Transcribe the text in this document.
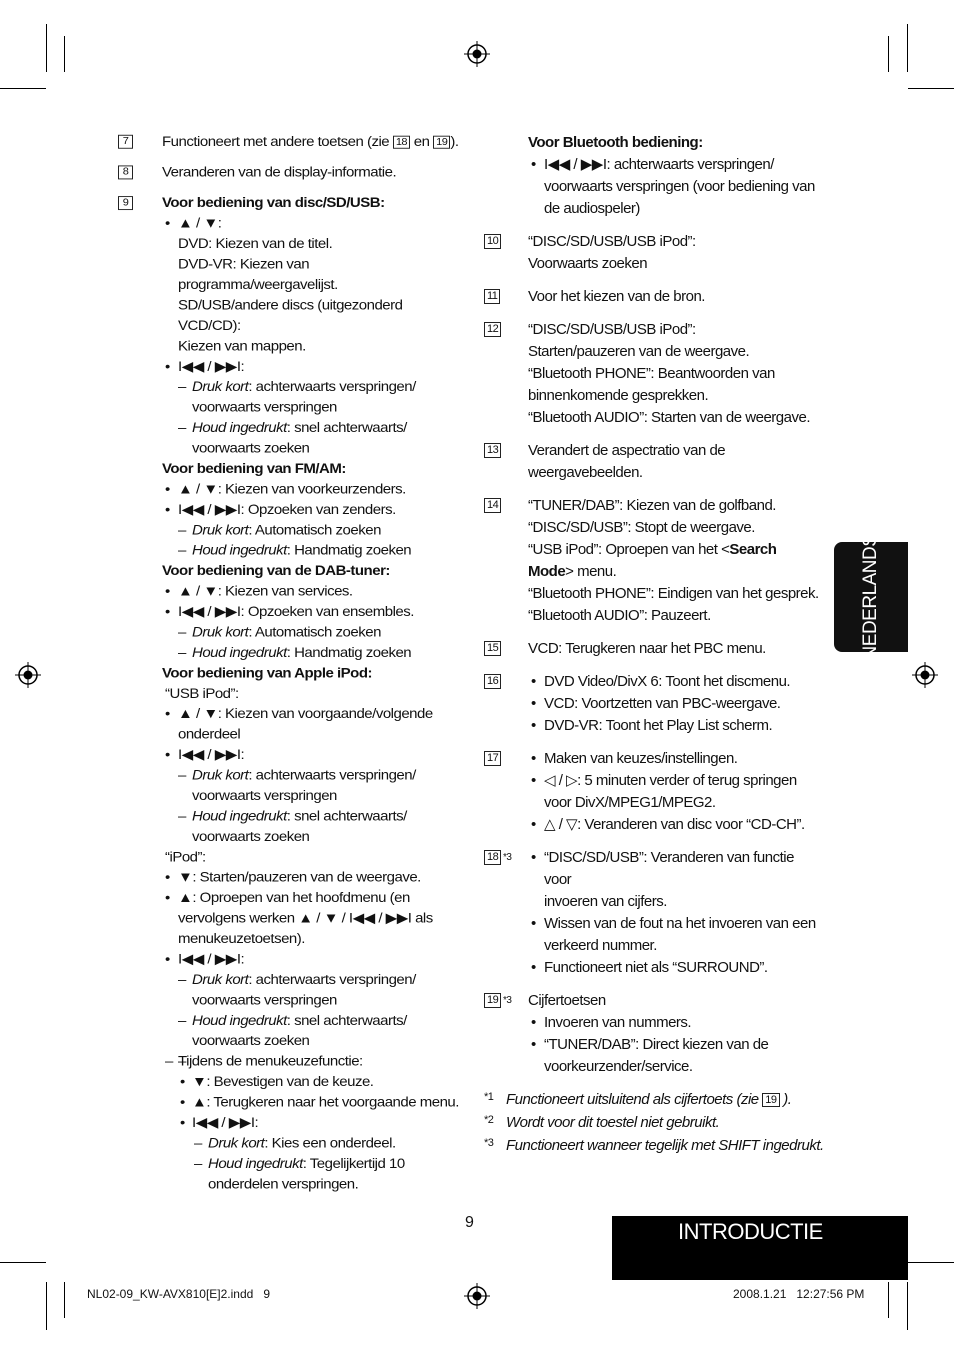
7	Functioneert met andere toetsen (zie 18 en 19 ).
8	Veranderen van de display-informatie.
9	Voor bediening van disc/SD/USB:
• ▲ / ▼:
DVD: Kiezen van de titel.
DVD-VR: Kiezen van programma/weergavelijst.
SD/USB/andere discs (uitgezonderd VCD/CD):
Kiezen van mappen.
• I◀◀ / ▶▶I:
– Druk kort: achterwaarts verspringen/
voorwaarts verspringen
– Houd ingedrukt: snel achterwaarts/
voorwaarts zoeken
Voor bediening van FM/AM:
• ▲ / ▼: Kiezen van voorkeurzenders.
• I◀◀ / ▶▶I: Opzoeken van zenders.
– Druk kort: Automatisch zoeken
– Houd ingedrukt: Handmatig zoeken
Voor bediening van de DAB-tuner:
• ▲ / ▼: Kiezen van services.
• I◀◀ / ▶▶I: Opzoeken van ensembles.
– Druk kort: Automatisch zoeken
– Houd ingedrukt: Handmatig zoeken
Voor bediening van Apple iPod:
“USB iPod”:
• ▲ / ▼: Kiezen van voorgaande/volgende
onderdeel
• I◀◀ / ▶▶I:
– Druk kort: achterwaarts verspringen/
voorwaarts verspringen
– Houd ingedrukt: snel achterwaarts/
voorwaarts zoeken
“iPod”:
• ▼: Starten/pauzeren van de weergave.
• ▲: Oproepen van het hoofdmenu (en
vervolgens werken ▲ / ▼ / I◀◀ / ▶▶I als
menukeuzetoetsen).
• I◀◀ / ▶▶I:
– Druk kort: achterwaarts verspringen/
voorwaarts verspringen
– Houd ingedrukt: snel achterwaarts/
voorwaarts zoeken
– – Tijdens de menukeuzefunctie:
• ▼: Bevestigen van de keuze.
• ▲: Terugkeren naar het voorgaande menu.
• I◀◀ / ▶▶I:
– Druk kort: Kies een onderdeel.
– Houd ingedrukt: Tegelijkertijd 10
onderdelen verspringen.
Voor Bluetooth bediening:
• I◀◀ / ▶▶I: achterwaarts verspringen/
voorwaarts verspringen (voor bediening van
de audiospeler)
10 “DISC/SD/USB/USB iPod”:
Voorwaarts zoeken
11 Voor het kiezen van de bron.
12 “DISC/SD/USB/USB iPod”:
Starten/pauzeren van de weergave.
“Bluetooth PHONE”: Beantwoorden van
binnenkomende gesprekken.
“Bluetooth AUDIO”: Starten van de weergave.
13 Verandert de aspectratio van de
weergavebeelden.
14 “TUNER/DAB”: Kiezen van de golfband.
“DISC/SD/USB”: Stopt de weergave.
“USB iPod”: Oproepen van het <Search
Mode> menu.
“Bluetooth PHONE”: Eindigen van het gesprek.
“Bluetooth AUDIO”: Pauzeert.
15 VCD: Terugkeren naar het PBC menu.
16	• DVD Video/DivX 6: Toont het discmenu.
• VCD: Voortzetten van PBC-weergave.
• DVD-VR: Toont het Play List scherm.
17	• Maken van keuzes/instellingen.
• ◁ / ▷: 5 minuten verder of terug springen
voor DivX/MPEG1/MPEG2.
• △ / ▽: Veranderen van disc voor “CD-CH”.
18 *3	• “DISC/SD/USB”: Veranderen van functie voor
invoeren van cijfers.
• Wissen van de fout na het invoeren van een
verkeerd nummer.
• Functioneert niet als “SURROUND”.
19 *3 Cijfertoetsen
• Invoeren van nummers.
• “TUNER/DAB”: Direct kiezen van de
voorkeurzender/service.
*1 Functioneert uitsluitend als cijfertoets (zie 19 ).
*2 Wordt voor dit toestel niet gebruikt.
*3 Functioneert wanneer tegelijk met SHIFT ingedrukt.
NEDERLANDS
INTRODUCTIE
9
NL02-09_KW-AVX810[E]2.indd   9	2008.1.21   12:27:56 PM
